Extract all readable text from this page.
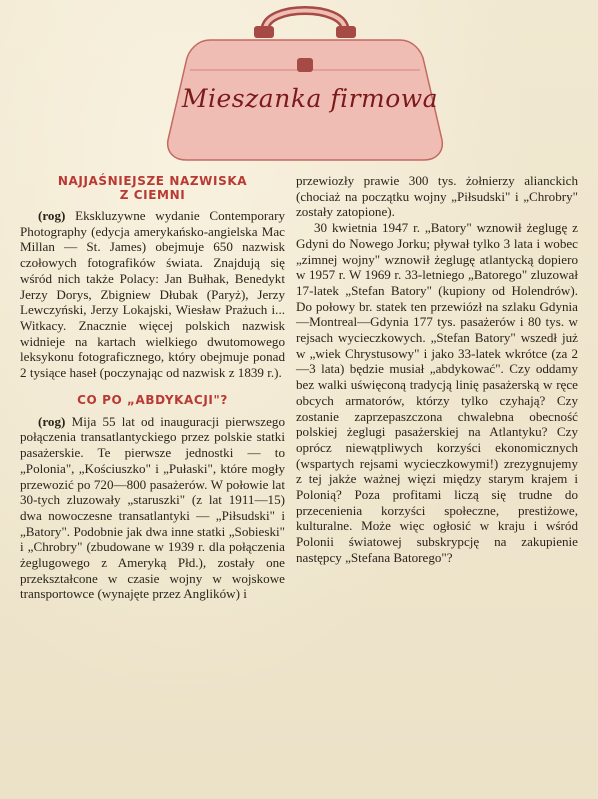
Mieszanka firmowa
NAJJAŚNIEJSZE NAZWISKA
Z CIEMNI

(rog) Ekskluzywne wydanie Contemporary Photography (edycja amerykańsko-angielska Mac Millan — St. James) obejmuje 650 nazwisk czołowych fotografików świata. Znajdują się wśród nich także Polacy: Jan Bułhak, Benedykt Jerzy Dorys, Zbigniew Dłubak (Paryż), Jerzy Lewczyński, Jerzy Lokajski, Wiesław Prażuch i... Witkacy. Znacznie więcej polskich nazwisk widnieje na kartach wielkiego dwutomowego leksykonu fotograficznego, który obejmuje ponad 2 tysiące haseł (poczynając od nazwisk z 1839 r.).

CO PO „ABDYKACJI"?

(rog) Mija 55 lat od inauguracji pierwszego połączenia transatlantyckiego przez polskie statki pasażerskie. Te pierwsze jednostki — to „Polonia", „Kościuszko" i „Pułaski", które mogły przewozić po 720—800 pasażerów. W połowie lat 30-tych zluzowały „staruszki" (z lat 1911—15) dwa nowoczesne transatlantyki — „Piłsudski" i „Batory". Podobnie jak dwa inne statki „Sobieski" i „Chrobry" (zbudowane w 1939 r. dla połączenia żeglugowego z Ameryką Płd.), zostały one przekształcone w czasie wojny w wojskowe transportowce (wynajęte przez Anglików) i

przewiozły prawie 300 tys. żołnierzy alianckich (chociaż na początku wojny „Piłsudski" i „Chrobry" zostały zatopione).

30 kwietnia 1947 r. „Batory" wznowił żeglugę z Gdyni do Nowego Jorku; pływał tylko 3 lata i wobec „zimnej wojny" wznowił żeglugę atlantycką dopiero w 1957 r. W 1969 r. 33-letniego „Batorego" zluzował 17-latek „Stefan Batory" (kupiony od Holendrów). Do połowy br. statek ten przewiózł na szlaku Gdynia—Montreal—Gdynia 177 tys. pasażerów i 80 tys. w rejsach wycieczkowych. „Stefan Batory" wszedł już w „wiek Chrystusowy" i jako 33-latek wkrótce (za 2—3 lata) będzie musiał „abdykować". Czy oddamy bez walki uświęconą tradycją linię pasażerską w ręce obcych armatorów, którzy tylko czyhają? Czy zostanie zaprzepaszczona chwalebna obecność polskiej żeglugi pasażerskiej na Atlantyku? Czy oprócz niewątpliwych korzyści ekonomicznych (wspartych rejsami wycieczkowymi!) zrezygnujemy z tej jakże ważnej więzi między starym krajem i Polonią? Poza profitami liczą się trudne do przecenienia korzyści społeczne, prestiżowe, kulturalne. Może więc ogłosić w kraju i wśród Polonii światowej subskrypcję na zakupienie następcy „Stefana Batorego"?
